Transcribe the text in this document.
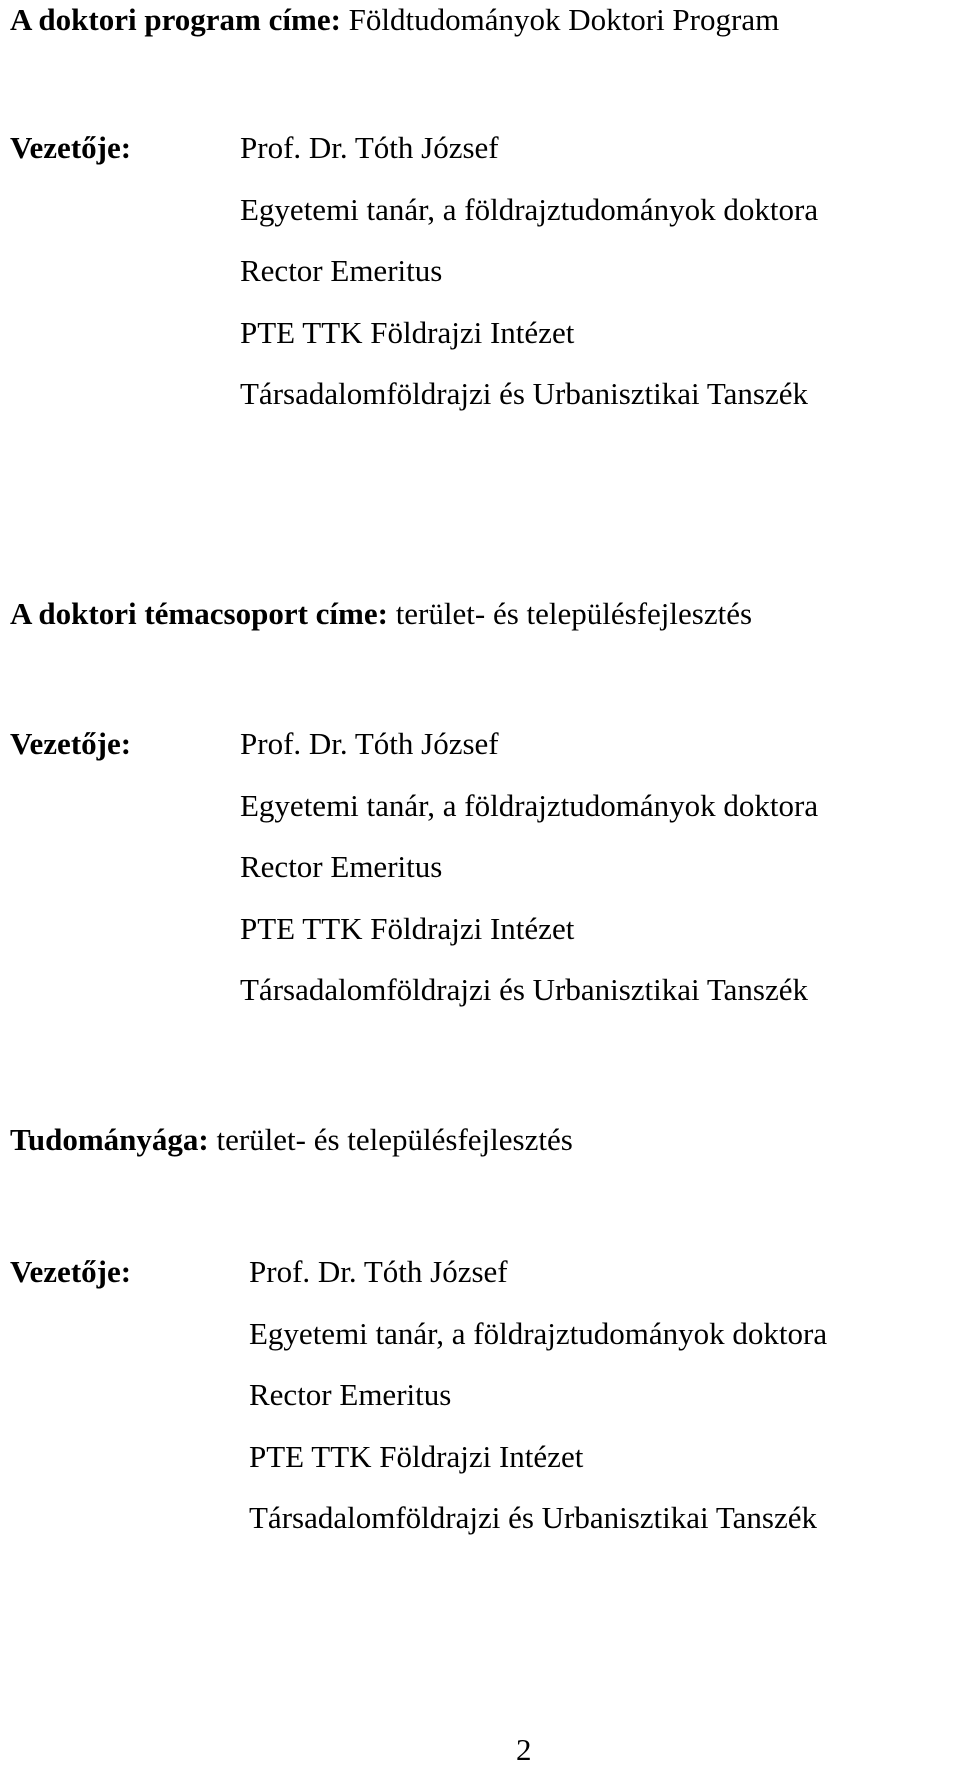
A doktori program címe: Földtudományok Doktori Program
Vezetője:	Prof. Dr. Tóth József
Egyetemi tanár, a földrajztudományok doktora
Rector Emeritus
PTE TTK Földrajzi Intézet
Társadalomföldrajzi és Urbanisztikai Tanszék
A doktori témacsoport címe: terület- és településfejlesztés
Vezetője:	Prof. Dr. Tóth József
Egyetemi tanár, a földrajztudományok doktora
Rector Emeritus
PTE TTK Földrajzi Intézet
Társadalomföldrajzi és Urbanisztikai Tanszék
Tudományága: terület- és településfejlesztés
Vezetője:	Prof. Dr. Tóth József
Egyetemi tanár, a földrajztudományok doktora
Rector Emeritus
PTE TTK Földrajzi Intézet
Társadalomföldrajzi és Urbanisztikai Tanszék
2
